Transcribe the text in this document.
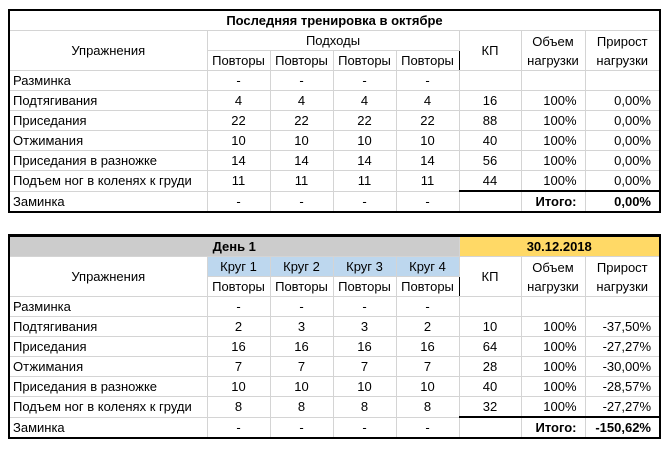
Последняя тренировка в октябре							
Упражнения	Подходы				КП	Объем нагрузки	Прирост нагрузки
	Повторы	Повторы	Повторы	Повторы			
Разминка	-	-	-	-			
Подтягивания	4	4	4	4	16	100%	0,00%
Приседания	22	22	22	22	88	100%	0,00%
Отжимания	10	10	10	10	40	100%	0,00%
Приседания в разножке	14	14	14	14	56	100%	0,00%
Подъем ног в коленях к груди	11	11	11	11	44	100%	0,00%
Заминка	-	-	-	-		Итого:	0,00%
День 1					30.12.2018		
Упражнения	Круг 1	Круг 2	Круг 3	Круг 4	КП	Объем нагрузки	Прирост нагрузки
	Повторы	Повторы	Повторы	Повторы			
Разминка	-	-	-	-			
Подтягивания	2	3	3	2	10	100%	-37,50%
Приседания	16	16	16	16	64	100%	-27,27%
Отжимания	7	7	7	7	28	100%	-30,00%
Приседания в разножке	10	10	10	10	40	100%	-28,57%
Подъем ног в коленях к груди	8	8	8	8	32	100%	-27,27%
Заминка	-	-	-	-		Итого:	-150,62%
